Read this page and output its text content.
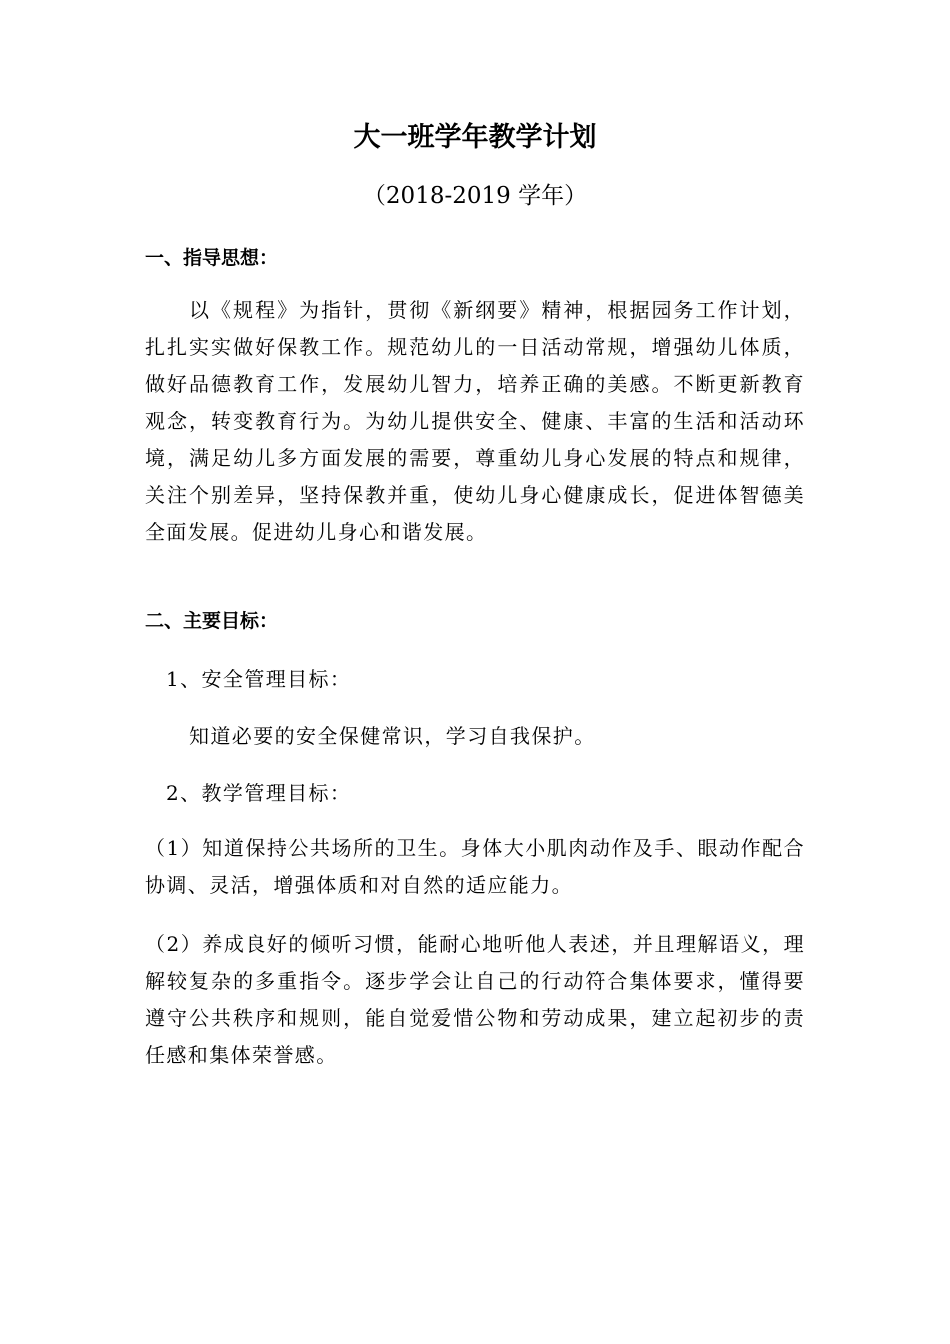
大一班学年教学计划
（2018-2019 学年）
一、指导思想：
以《规程》为指针，贯彻《新纲要》精神，根据园务工作计划，扎扎实实做好保教工作。规范幼儿的一日活动常规，增强幼儿体质，做好品德教育工作，发展幼儿智力，培养正确的美感。不断更新教育观念，转变教育行为。为幼儿提供安全、健康、丰富的生活和活动环境，满足幼儿多方面发展的需要，尊重幼儿身心发展的特点和规律，关注个别差异，坚持保教并重，使幼儿身心健康成长，促进体智德美全面发展。促进幼儿身心和谐发展。
二、主要目标：
1、安全管理目标：
知道必要的安全保健常识，学习自我保护。
2、教学管理目标：
（1）知道保持公共场所的卫生。身体大小肌肉动作及手、眼动作配合协调、灵活，增强体质和对自然的适应能力。
（2）养成良好的倾听习惯，能耐心地听他人表述，并且理解语义，理解较复杂的多重指令。逐步学会让自己的行动符合集体要求，懂得要遵守公共秩序和规则，能自觉爱惜公物和劳动成果，建立起初步的责任感和集体荣誉感。
